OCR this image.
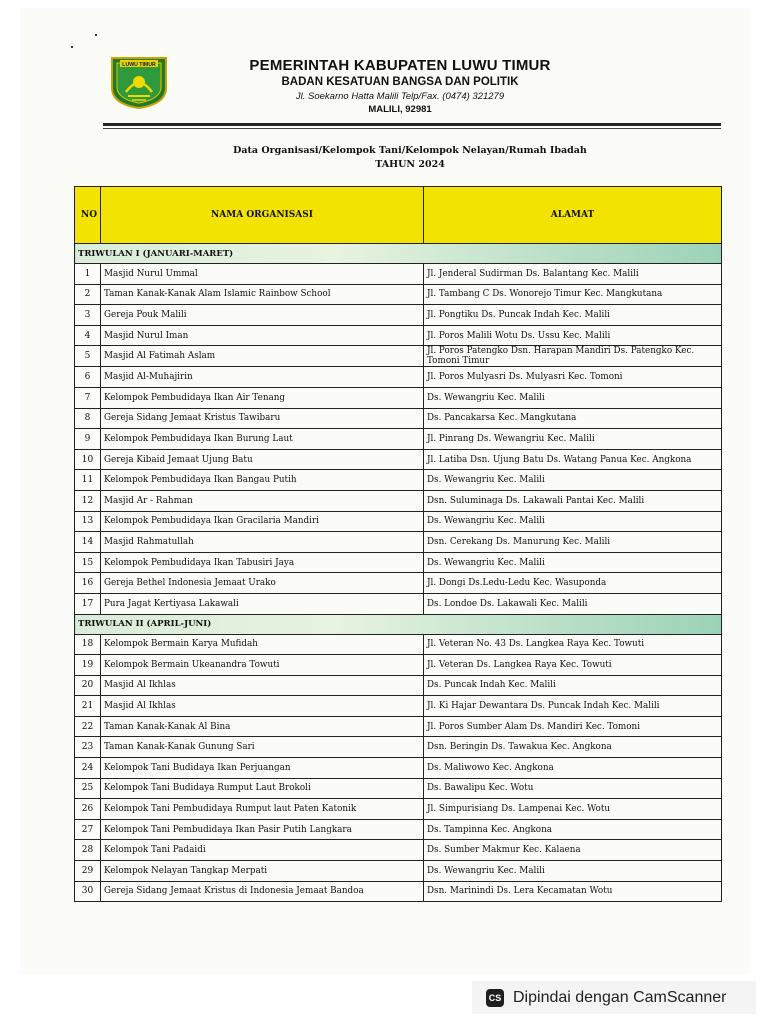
LUWU TIMUR	PEMERINTAH KABUPATEN LUWU TIMUR
BADAN KESATUAN BANGSA DAN POLITIK
Jl. Soekarno Hatta Malili Telp/Fax. (0474) 321279
MALILI, 92981
Data Organisasi/Kelompok Tani/Kelompok Nelayan/Rumah Ibadah
TAHUN 2024
NO	NAMA ORGANISASI	ALAMAT
TRIWULAN I (JANUARI-MARET)		
1	Masjid Nurul Ummal	Jl. Jenderal Sudirman Ds. Balantang Kec. Malili
2	Taman Kanak-Kanak Alam Islamic Rainbow School	Jl. Tambang C Ds. Wonorejo Timur Kec. Mangkutana
3	Gereja Pouk Malili	Jl. Pongtiku Ds. Puncak Indah Kec. Malili
4	Masjid Nurul Iman	Jl. Poros Malili Wotu Ds. Ussu Kec. Malili
5	Masjid Al Fatimah Aslam	Jl. Poros Patengko Dsn. Harapan Mandiri Ds. Patengko Kec. Tomoni Timur
6	Masjid Al-Muhajirin	Jl. Poros Mulyasri Ds. Mulyasri Kec. Tomoni
7	Kelompok Pembudidaya Ikan Air Tenang	Ds. Wewangriu Kec. Malili
8	Gereja Sidang Jemaat Kristus Tawibaru	Ds. Pancakarsa Kec. Mangkutana
9	Kelompok Pembudidaya Ikan Burung Laut	Jl. Pinrang Ds. Wewangriu Kec. Malili
10	Gereja Kibaid Jemaat Ujung Batu	Jl. Latiba Dsn. Ujung Batu Ds. Watang Panua Kec. Angkona
11	Kelompok Pembudidaya Ikan Bangau Putih	Ds. Wewangriu Kec. Malili
12	Masjid Ar - Rahman	Dsn. Suluminaga Ds. Lakawali Pantai Kec. Malili
13	Kelompok Pembudidaya Ikan Gracilaria Mandiri	Ds. Wewangriu Kec. Malili
14	Masjid Rahmatullah	Dsn. Cerekang Ds. Manurung Kec. Malili
15	Kelompok Pembudidaya Ikan Tabusiri Jaya	Ds. Wewangriu Kec. Malili
16	Gereja Bethel Indonesia Jemaat Urako	Jl. Dongi Ds.Ledu-Ledu Kec. Wasuponda
17	Pura Jagat Kertiyasa Lakawali	Ds. Londoe Ds. Lakawali Kec. Malili
TRIWULAN II (APRIL-JUNI)		
18	Kelompok Bermain Karya Mufidah	Jl. Veteran No. 43 Ds. Langkea Raya Kec. Towuti
19	Kelompok Bermain Ukeanandra Towuti	Jl. Veteran Ds. Langkea Raya Kec. Towuti
20	Masjid Al Ikhlas	Ds. Puncak Indah Kec. Malili
21	Masjid Al Ikhlas	Jl. Ki Hajar Dewantara Ds. Puncak Indah Kec. Malili
22	Taman Kanak-Kanak Al Bina	Jl. Poros Sumber Alam Ds. Mandiri Kec. Tomoni
23	Taman Kanak-Kanak Gunung Sari	Dsn. Beringin Ds. Tawakua Kec. Angkona
24	Kelompok Tani Budidaya Ikan Perjuangan	Ds. Maliwowo Kec. Angkona
25	Kelompok Tani Budidaya Rumput Laut Brokoli	Ds. Bawalipu Kec. Wotu
26	Kelompok Tani Pembudidaya Rumput laut Paten Katonik	Jl. Simpurisiang Ds. Lampenai Kec. Wotu
27	Kelompok Tani Pembudidaya Ikan Pasir Putih Langkara	Ds. Tampinna Kec. Angkona
28	Kelompok Tani Padaidi	Ds. Sumber Makmur Kec. Kalaena
29	Kelompok Nelayan Tangkap Merpati	Ds. Wewangriu Kec. Malili
30	Gereja Sidang Jemaat Kristus di Indonesia Jemaat Bandoa	Dsn. Marinindi Ds. Lera Kecamatan Wotu
CS Dipindai dengan CamScanner
